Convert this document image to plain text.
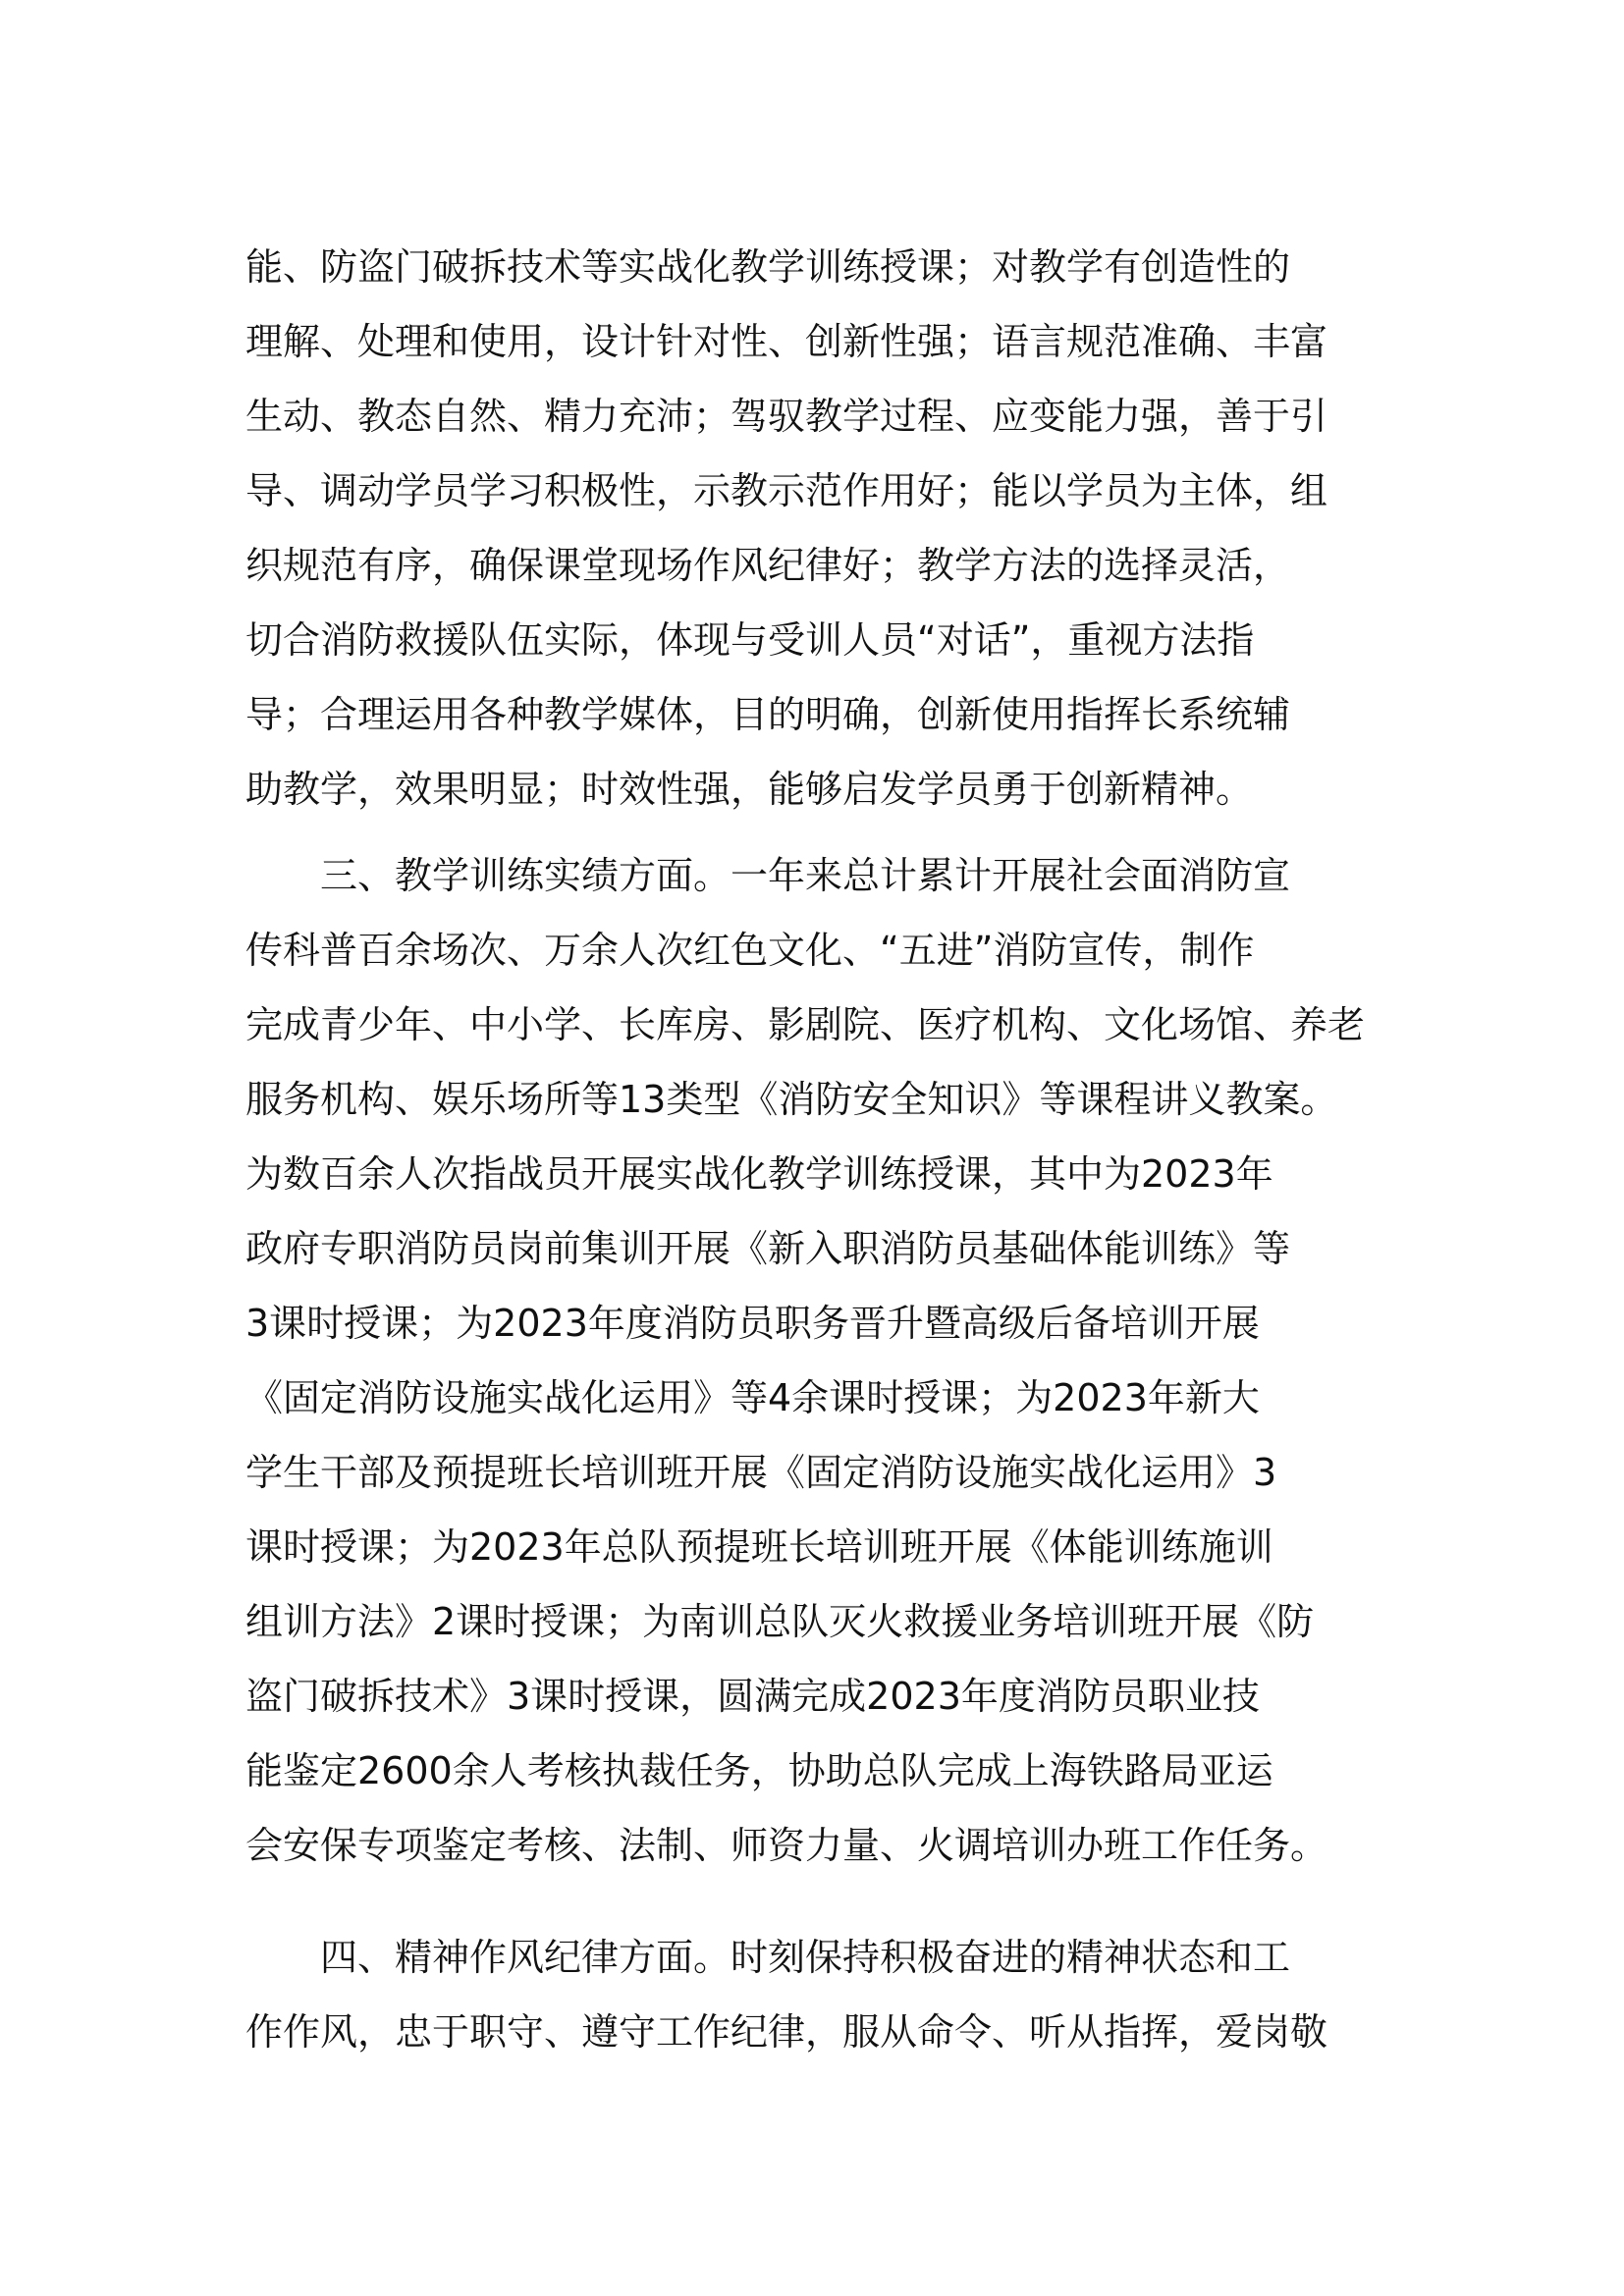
能、防盗门破拆技术等实战化教学训练授课；对教学有创造性的
理解、处理和使用，设计针对性、创新性强；语言规范准确、丰富
生动、教态自然、精力充沛；驾驭教学过程、应变能力强，善于引
导、调动学员学习积极性，示教示范作用好；能以学员为主体，组
织规范有序，确保课堂现场作风纪律好；教学方法的选择灵活，
切合消防救援队伍实际，体现与受训人员“对话”，重视方法指
导；合理运用各种教学媒体，目的明确，创新使用指挥长系统辅
助教学，效果明显；时效性强，能够启发学员勇于创新精神。
三、教学训练实绩方面。一年来总计累计开展社会面消防宣
传科普百余场次、万余人次红色文化、“五进”消防宣传，制作
完成青少年、中小学、长库房、影剧院、医疗机构、文化场馆、养老
服务机构、娱乐场所等13类型《消防安全知识》等课程讲义教案。
为数百余人次指战员开展实战化教学训练授课，其中为2023年
政府专职消防员岗前集训开展《新入职消防员基础体能训练》等
3课时授课；为2023年度消防员职务晋升暨高级后备培训开展
《固定消防设施实战化运用》等4余课时授课；为2023年新大
学生干部及预提班长培训班开展《固定消防设施实战化运用》3
课时授课；为2023年总队预提班长培训班开展《体能训练施训
组训方法》2课时授课；为南训总队灭火救援业务培训班开展《防
盗门破拆技术》3课时授课，圆满完成2023年度消防员职业技
能鉴定2600余人考核执裁任务，协助总队完成上海铁路局亚运
会安保专项鉴定考核、法制、师资力量、火调培训办班工作任务。
四、精神作风纪律方面。时刻保持积极奋进的精神状态和工
作作风，忠于职守、遵守工作纪律，服从命令、听从指挥，爱岗敬
